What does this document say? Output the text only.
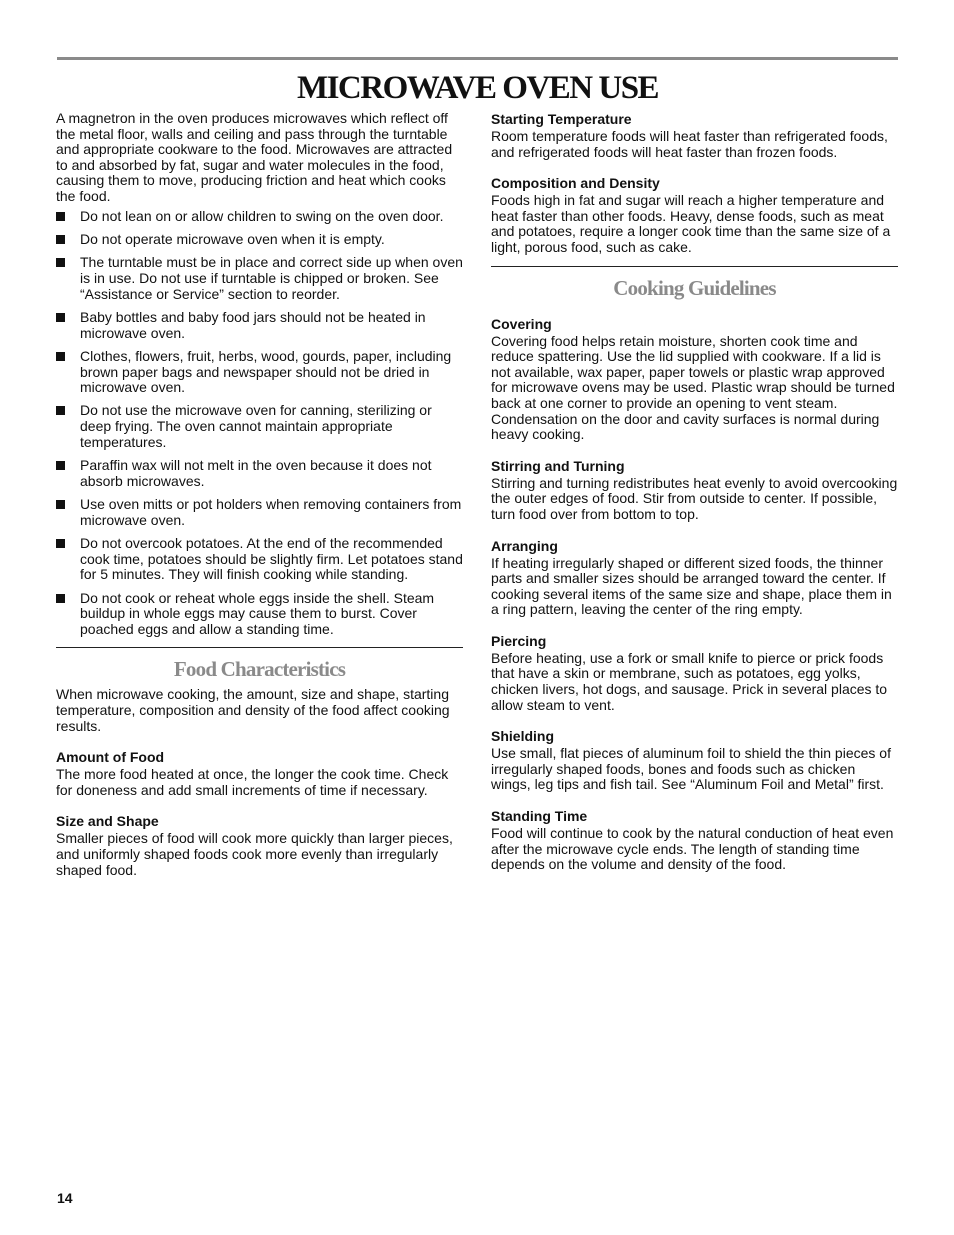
MICROWAVE OVEN USE

A magnetron in the oven produces microwaves which reflect off the metal floor, walls and ceiling and pass through the turntable and appropriate cookware to the food. Microwaves are attracted to and absorbed by fat, sugar and water molecules in the food, causing them to move, producing friction and heat which cooks the food.

Do not lean on or allow children to swing on the oven door.
Do not operate microwave oven when it is empty.
The turntable must be in place and correct side up when oven is in use. Do not use if turntable is chipped or broken. See “Assistance or Service” section to reorder.
Baby bottles and baby food jars should not be heated in microwave oven.
Clothes, flowers, fruit, herbs, wood, gourds, paper, including brown paper bags and newspaper should not be dried in microwave oven.
Do not use the microwave oven for canning, sterilizing or deep frying. The oven cannot maintain appropriate temperatures.
Paraffin wax will not melt in the oven because it does not absorb microwaves.
Use oven mitts or pot holders when removing containers from microwave oven.
Do not overcook potatoes. At the end of the recommended cook time, potatoes should be slightly firm. Let potatoes stand for 5 minutes. They will finish cooking while standing.
Do not cook or reheat whole eggs inside the shell. Steam buildup in whole eggs may cause them to burst. Cover poached eggs and allow a standing time.
Food Characteristics

When microwave cooking, the amount, size and shape, starting temperature, composition and density of the food affect cooking results.

Amount of Food

The more food heated at once, the longer the cook time. Check for doneness and add small increments of time if necessary.

Size and Shape

Smaller pieces of food will cook more quickly than larger pieces, and uniformly shaped foods cook more evenly than irregularly shaped food.

Starting Temperature

Room temperature foods will heat faster than refrigerated foods, and refrigerated foods will heat faster than frozen foods.

Composition and Density

Foods high in fat and sugar will reach a higher temperature and heat faster than other foods. Heavy, dense foods, such as meat and potatoes, require a longer cook time than the same size of a light, porous food, such as cake.

Cooking Guidelines
Covering

Covering food helps retain moisture, shorten cook time and reduce spattering. Use the lid supplied with cookware. If a lid is not available, wax paper, paper towels or plastic wrap approved for microwave ovens may be used. Plastic wrap should be turned back at one corner to provide an opening to vent steam. Condensation on the door and cavity surfaces is normal during heavy cooking.

Stirring and Turning

Stirring and turning redistributes heat evenly to avoid overcooking the outer edges of food. Stir from outside to center. If possible, turn food over from bottom to top.

Arranging

If heating irregularly shaped or different sized foods, the thinner parts and smaller sizes should be arranged toward the center. If cooking several items of the same size and shape, place them in a ring pattern, leaving the center of the ring empty.

Piercing

Before heating, use a fork or small knife to pierce or prick foods that have a skin or membrane, such as potatoes, egg yolks, chicken livers, hot dogs, and sausage. Prick in several places to allow steam to vent.

Shielding

Use small, flat pieces of aluminum foil to shield the thin pieces of irregularly shaped foods, bones and foods such as chicken wings, leg tips and fish tail. See “Aluminum Foil and Metal” first.

Standing Time

Food will continue to cook by the natural conduction of heat even after the microwave cycle ends. The length of standing time depends on the volume and density of the food.

14
